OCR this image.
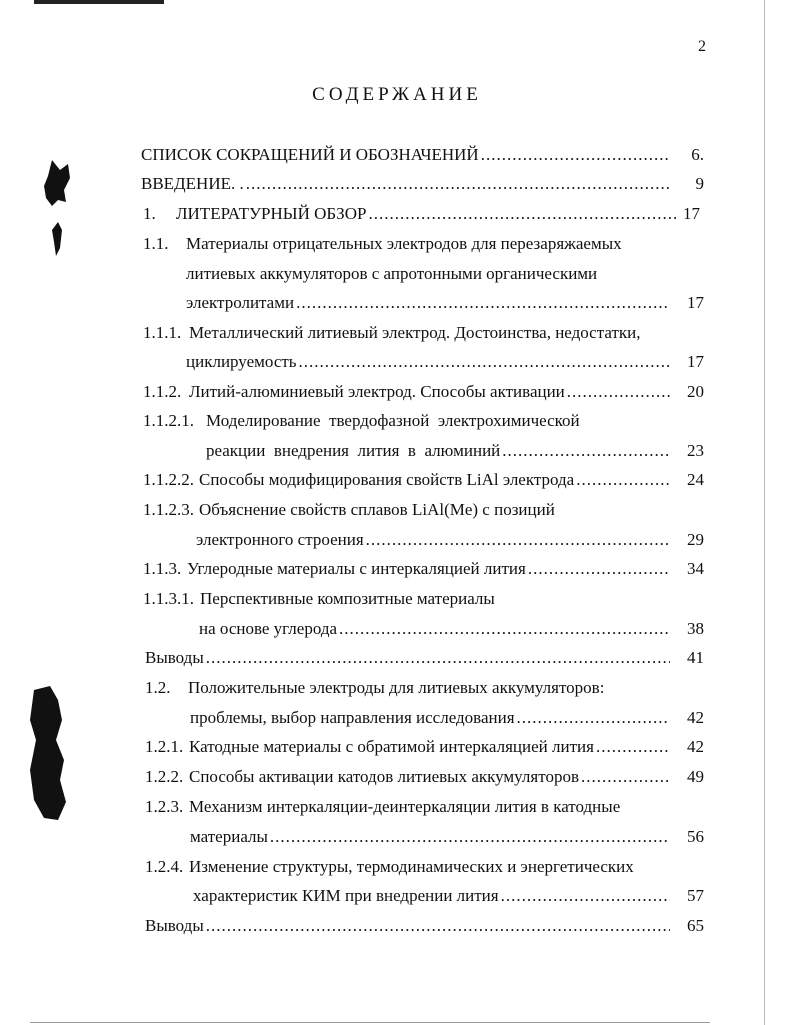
2
СОДЕРЖАНИЕ
СПИСОК СОКРАЩЕНИЙ И ОБОЗНАЧЕНИЙ .....	6.
ВВЕДЕНИЕ. . .....	9
1. ЛИТЕРАТУРНЫЙ ОБЗОР .....	17
1.1. Материалы отрицательных электродов для перезаряжаемых
литиевых аккумуляторов с апротонными органическими
электролитами .....	17
1.1.1. Металлический литиевый электрод. Достоинства, недостатки,
циклируемость .....	17
1.1.2. Литий-алюминиевый электрод. Способы активации .....	20
1.1.2.1. Моделирование  твердофазной  электрохимической
реакции  внедрения  лития  в  алюминий .....	23
1.1.2.2. Способы модифицирования свойств LiAl электрода .....	24
1.1.2.3. Объяснение свойств сплавов LiAl(Me) с позиций
электронного строения .....	29
1.1.3. Углеродные материалы с интеркаляцией лития .....	34
1.1.3.1. Перспективные композитные материалы
на основе углерода .....	38
Выводы .....	41
1.2. Положительные электроды для литиевых аккумуляторов:
проблемы, выбор направления исследования .....	42
1.2.1. Катодные материалы с обратимой интеркаляцией лития .....	42
1.2.2. Способы активации катодов литиевых аккумуляторов .....	49
1.2.3. Механизм интеркаляции-деинтеркаляции лития в катодные
материалы .....	56
1.2.4. Изменение структуры, термодинамических и энергетических
характеристик КИМ при внедрении лития .....	57
Выводы .....	65
